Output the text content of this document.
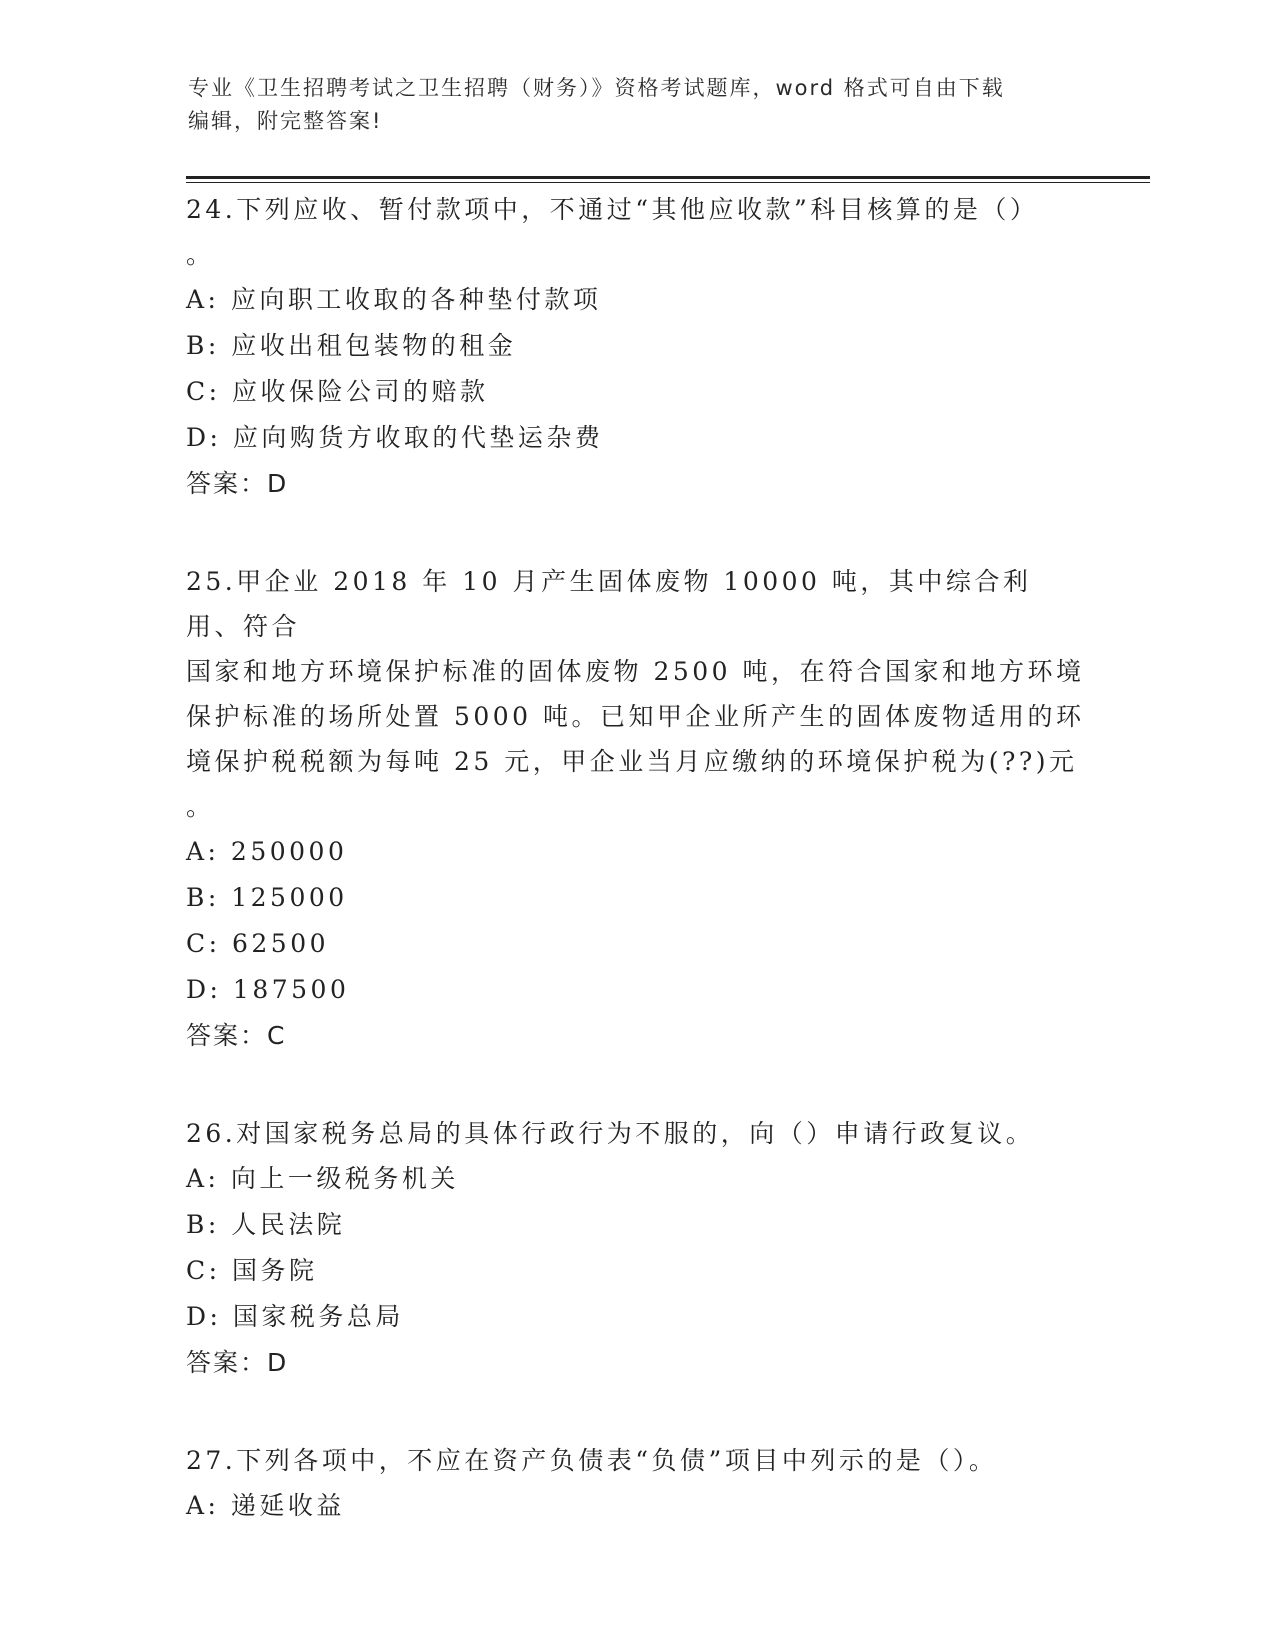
专业《卫生招聘考试之卫生招聘（财务）》资格考试题库，word 格式可自由下载
编辑，附完整答案!

24.下列应收、暂付款项中，不通过“其他应收款”科目核算的是（）

。

A: 应向职工收取的各种垫付款项

B: 应收出租包装物的租金

C: 应收保险公司的赔款

D: 应向购货方收取的代垫运杂费

答案：D

25.甲企业 2018 年 10 月产生固体废物 10000 吨，其中综合利用、符合

国家和地方环境保护标准的固体废物 2500 吨，在符合国家和地方环境

保护标准的场所处置 5000 吨。已知甲企业所产生的固体废物适用的环

境保护税税额为每吨 25 元，甲企业当月应缴纳的环境保护税为(??)元

。

A: 250000

B: 125000

C: 62500

D: 187500

答案：C

26.对国家税务总局的具体行政行为不服的，向（）申请行政复议。

A: 向上一级税务机关

B: 人民法院

C: 国务院

D: 国家税务总局

答案：D

27.下列各项中，不应在资产负债表“负债”项目中列示的是（）。

A: 递延收益
